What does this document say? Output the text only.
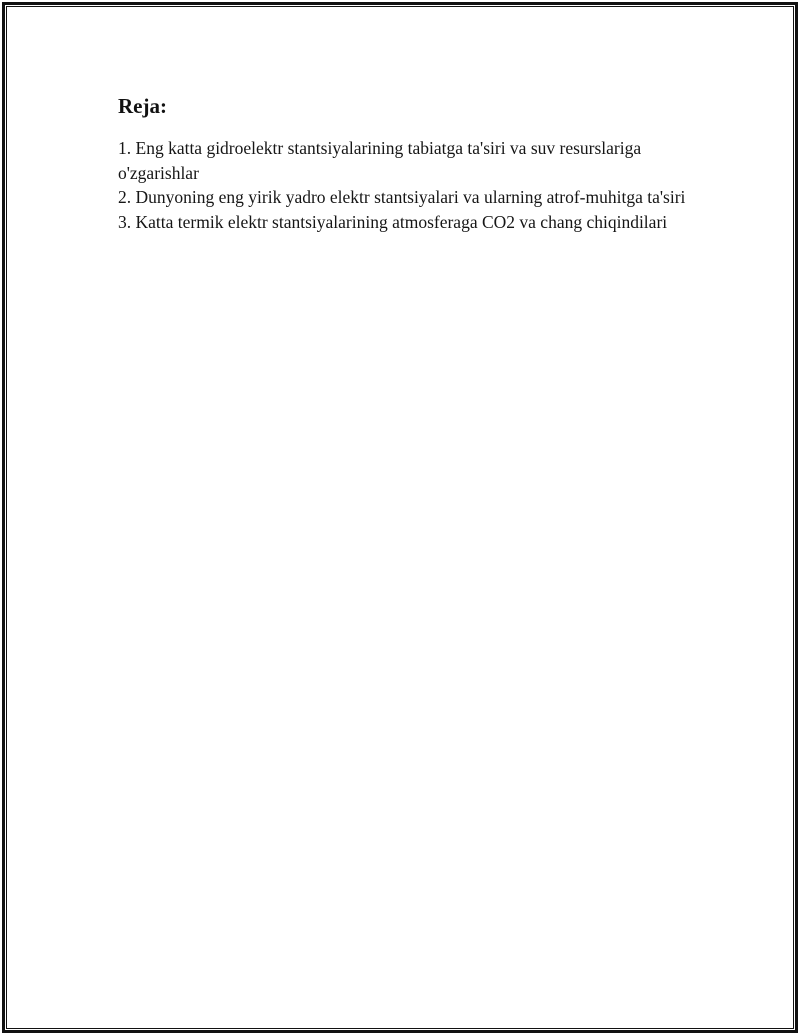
Reja:
1. Eng katta gidroelektr stantsiyalarining tabiatga ta'siri va suv resurslariga o'zgarishlar
2. Dunyoning eng yirik yadro elektr stantsiyalari va ularning atrof-muhitga ta'siri
3. Katta termik elektr stantsiyalarining atmosferaga CO2 va chang chiqindilari
